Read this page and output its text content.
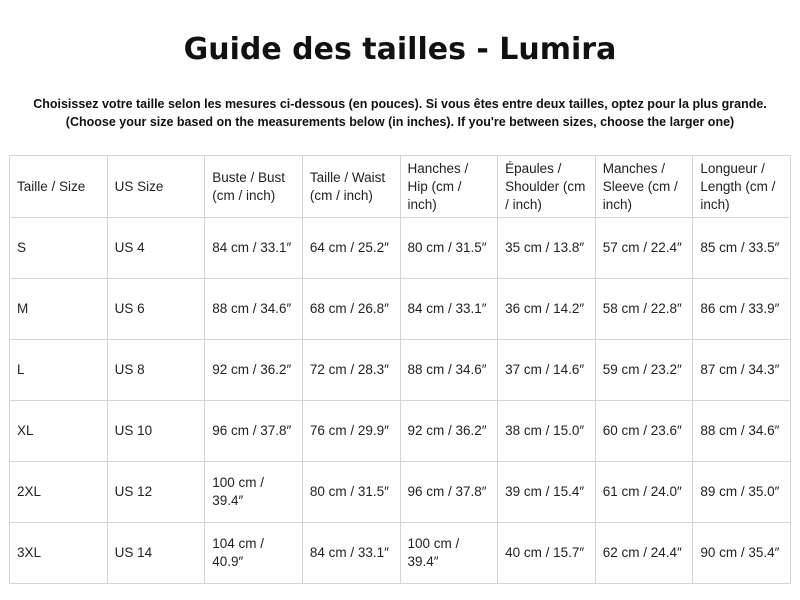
Guide des tailles - Lumira
Choisissez votre taille selon les mesures ci-dessous (en pouces). Si vous êtes entre deux tailles, optez pour la plus grande.
(Choose your size based on the measurements below (in inches). If you're between sizes, choose the larger one)
Taille / Size	US Size	Buste / Bust (cm / inch)	Taille / Waist (cm / inch)	Hanches / Hip (cm / inch)	Épaules / Shoulder (cm / inch)	Manches / Sleeve (cm / inch)	Longueur / Length (cm / inch)
S	US 4	84 cm / 33.1″	64 cm / 25.2″	80 cm / 31.5″	35 cm / 13.8″	57 cm / 22.4″	85 cm / 33.5″
M	US 6	88 cm / 34.6″	68 cm / 26.8″	84 cm / 33.1″	36 cm / 14.2″	58 cm / 22.8″	86 cm / 33.9″
L	US 8	92 cm / 36.2″	72 cm / 28.3″	88 cm / 34.6″	37 cm / 14.6″	59 cm / 23.2″	87 cm / 34.3″
XL	US 10	96 cm / 37.8″	76 cm / 29.9″	92 cm / 36.2″	38 cm / 15.0″	60 cm / 23.6″	88 cm / 34.6″
2XL	US 12	100 cm / 39.4″	80 cm / 31.5″	96 cm / 37.8″	39 cm / 15.4″	61 cm / 24.0″	89 cm / 35.0″
3XL	US 14	104 cm / 40.9″	84 cm / 33.1″	100 cm / 39.4″	40 cm / 15.7″	62 cm / 24.4″	90 cm / 35.4″
